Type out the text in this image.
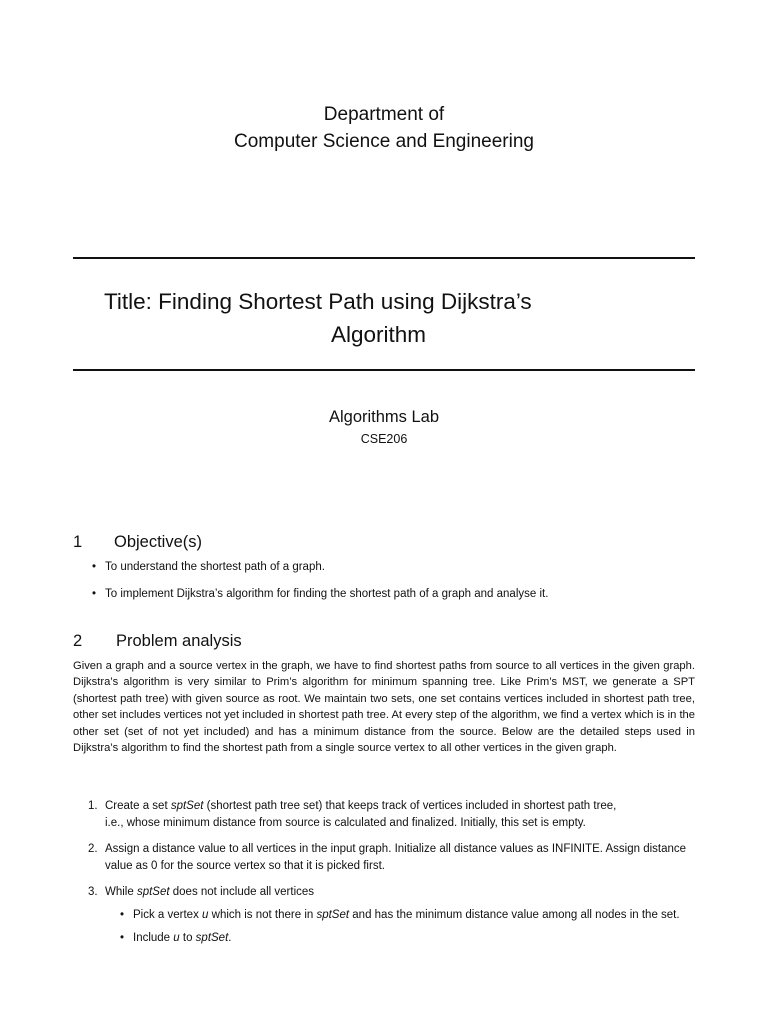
Department of
Computer Science and Engineering
Title: Finding Shortest Path using Dijkstra’s
Algorithm
Algorithms Lab
CSE206
1 Objective(s)
• To understand the shortest path of a graph.
• To implement Dijkstra’s algorithm for finding the shortest path of a graph and analyse it.
2 Problem analysis
Given a graph and a source vertex in the graph, we have to find shortest paths from source to all vertices in the given graph. Dijkstra’s algorithm is very similar to Prim’s algorithm for minimum spanning tree. Like Prim’s MST, we generate a SPT (shortest path tree) with given source as root. We maintain two sets, one set contains vertices included in shortest path tree, other set includes vertices not yet included in shortest path tree. At every step of the algorithm, we find a vertex which is in the other set (set of not yet included) and has a minimum distance from the source. Below are the detailed steps used in Dijkstra’s algorithm to find the shortest path from a single source vertex to all other vertices in the given graph.
1. Create a set sptSet (shortest path tree set) that keeps track of vertices included in shortest path tree,
i.e., whose minimum distance from source is calculated and finalized. Initially, this set is empty.
2. Assign a distance value to all vertices in the input graph. Initialize all distance values as INFINITE. Assign distance
value as 0 for the source vertex so that it is picked first.
3. While sptSet does not include all vertices
• Pick a vertex u which is not there in sptSet and has the minimum distance value among all nodes in the set.
• Include u to sptSet.
